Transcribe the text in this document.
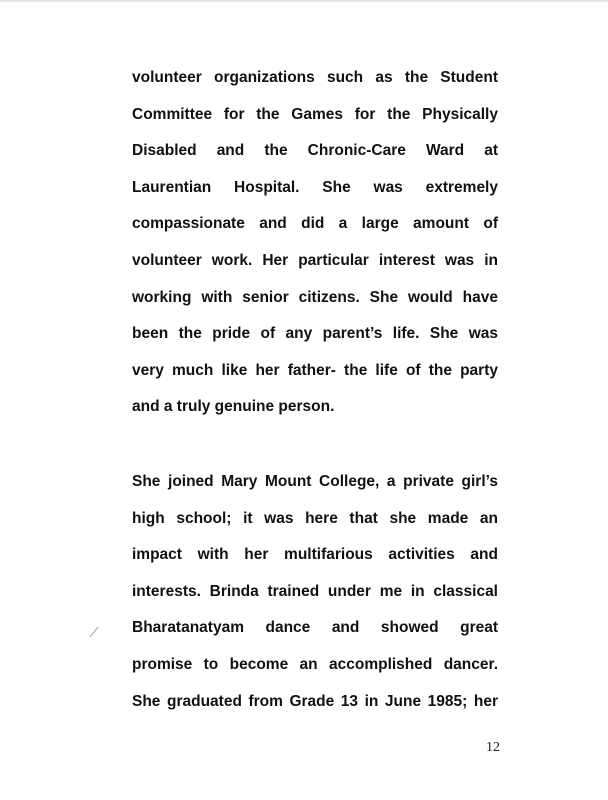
volunteer organizations such as the Student
Committee for the Games for the Physically
Disabled and the Chronic-Care Ward at
Laurentian Hospital. She was extremely
compassionate and did a large amount of
volunteer work. Her particular interest was in
working with senior citizens. She would have
been the pride of any parent’s life. She was
very much like her father- the life of the party
and a truly genuine person.
She joined Mary Mount College, a private girl’s
high school; it was here that she made an
impact with her multifarious activities and
interests. Brinda trained under me in classical
Bharatanatyam dance and showed great
promise to become an accomplished dancer.
She graduated from Grade 13 in June 1985; her
12
